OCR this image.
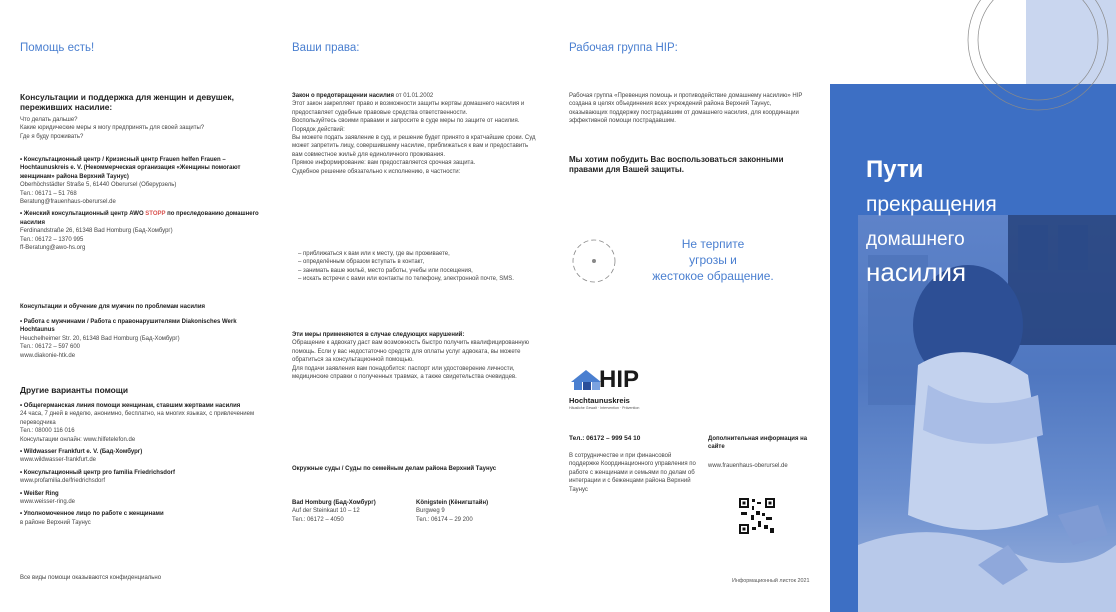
Помощь есть!
Консультации и поддержка для женщин и девушек, переживших насилие:
Что делать дальше?
Какие юридические меры я могу предпринять для своей защиты?
Где я буду проживать?
• Консультационный центр / Кризисный центр Frauen helfen Frauen – Hochtaunuskreis e. V. (Некоммерческая организация «Женщины помогают женщинам» района Верхний Таунус)
Oberhöchstädter Straße 5, 61440 Oberursel (Оберурзель)
Тел.: 06171 – 51 768
Beratung@frauenhaus-oberursel.de
• Женский консультационный центр AWO STOPP по преследованию домашнего насилия
Ferdinandstraße 26, 61348 Bad Homburg (Бад-Хомбург)
Тел.: 06172 – 1370 995
ff-Beratung@awo-hs.org
Консультации и обучение для мужчин по проблемам насилия
• Работа с мужчинами / Работа с правонарушителями Diakonisches Werk Hochtaunus
Heuchelheimer Str. 20, 61348 Bad Homburg (Бад-Хомбург)
Тел.: 06172 – 597 600
www.diakonie-htk.de
Другие варианты помощи
• Общегерманская линия помощи женщинам, ставшим жертвами насилия
24 часа, 7 дней в неделю, анонимно, бесплатно, на многих языках, с привлечением переводчика
Тел.: 08000 116 016
Консультации онлайн: www.hilfetelefon.de
• Wildwasser Frankfurt e. V. (Бад-Хомбург)
www.wildwasser-frankfurt.de
• Консультационный центр pro familia Friedrichsdorf
www.profamilia.de/friedrichsdorf
• Weißer Ring
www.weisser-ring.de
• Уполномоченное лицо по работе с женщинами
в районе Верхний Таунус
Все виды помощи оказываются конфиденциально
Ваши права:
Закон о предотвращении насилия от 01.01.2002
Этот закон закрепляет право и возможности защиты жертвы домашнего насилия и предоставляет судебные правовые средства ответственности.
Воспользуйтесь своими правами и запросите в суде меры по защите от насилия. Порядок действий:
Вы можете подать заявление в суд, и решение будет принято в кратчайшие сроки. Суд может запретить лицу, совершившему насилие, приближаться к вам и предоставить вам совместное жильё для единоличного проживания.
Прямое информирование: вам предоставляется срочная защита.
Судебное решение обязательно к исполнению, в частности:
– приближаться к вам или к месту, где вы проживаете,
– определённым образом вступать в контакт,
– занимать ваше жильё, место работы, учебы или посещения,
– искать встречи с вами или контакты по телефону, электронной почте, SMS.
Эти меры применяются в случае следующих нарушений:
Обращение к адвокату даст вам возможность быстро получить квалифицированную помощь. Если у вас недостаточно средств для оплаты услуг адвоката, вы можете обратиться за консультационной помощью.
Для подачи заявления вам понадобится: паспорт или удостоверение личности, медицинские справки о полученных травмах, а также свидетельства очевидцев.
Окружные суды / Суды по семейным делам района Верхний Таунус
Bad Homburg (Бад-Хомбург)
Auf der Steinkaut 10 – 12
Тел.: 06172 – 4050
Königstein (Кёнигштайн)
Burgweg 9
Тел.: 06174 – 29 200
Рабочая группа HIP:
Рабочая группа «Превенция помощь и противодействие домашнему насилию» HIP создана в целях объединения всех учреждений района Верхний Таунус, оказывающих поддержку пострадавшим от домашнего насилия, для координации эффективной помощи пострадавшим.
Мы хотим побудить Вас воспользоваться законными правами для Вашей защиты.
Не терпите
угрозы и
жестокое обращение.
HIP
Hochtaunuskreis
Häusliche Gewalt · Intervention · Prävention
Тел.: 06172 – 999 54 10
В сотрудничестве и при финансовой поддержке Координационного управления по работе с женщинами и семьями по делам об интеграции и с беженцами района Верхний Таунус
Дополнительная информация на сайте
www.frauenhaus-oberursel.de
Информационный листок 2021
Пути
прекращения
домашнего
насилия
